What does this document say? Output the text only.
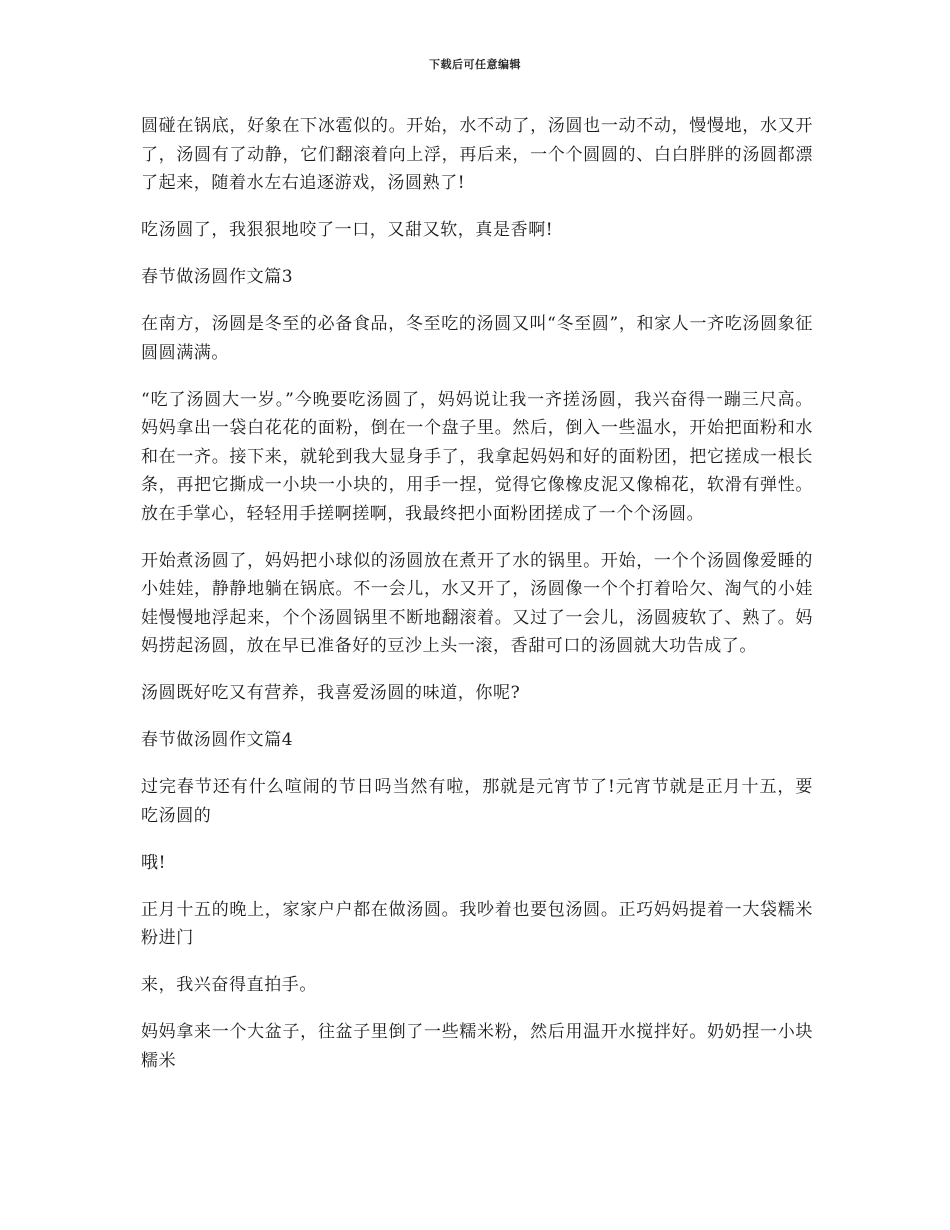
下载后可任意编辑

圆碰在锅底，好象在下冰雹似的。开始，水不动了，汤圆也一动不动，慢慢地，水又开了，汤圆有了动静，它们翻滚着向上浮，再后来，一个个圆圆的、白白胖胖的汤圆都漂了起来，随着水左右追逐游戏，汤圆熟了!

吃汤圆了，我狠狠地咬了一口，又甜又软，真是香啊!

春节做汤圆作文篇3

在南方，汤圆是冬至的必备食品，冬至吃的汤圆又叫“冬至圆”，和家人一齐吃汤圆象征圆圆满满。

“吃了汤圆大一岁。”今晚要吃汤圆了，妈妈说让我一齐搓汤圆，我兴奋得一蹦三尺高。妈妈拿出一袋白花花的面粉，倒在一个盘子里。然后，倒入一些温水，开始把面粉和水和在一齐。接下来，就轮到我大显身手了，我拿起妈妈和好的面粉团，把它搓成一根长条，再把它撕成一小块一小块的，用手一捏，觉得它像橡皮泥又像棉花，软滑有弹性。放在手掌心，轻轻用手搓啊搓啊，我最终把小面粉团搓成了一个个汤圆。

开始煮汤圆了，妈妈把小球似的汤圆放在煮开了水的锅里。开始，一个个汤圆像爱睡的小娃娃，静静地躺在锅底。不一会儿，水又开了，汤圆像一个个打着哈欠、淘气的小娃娃慢慢地浮起来，个个汤圆锅里不断地翻滚着。又过了一会儿，汤圆疲软了、熟了。妈妈捞起汤圆，放在早已准备好的豆沙上头一滚，香甜可口的汤圆就大功告成了。

汤圆既好吃又有营养，我喜爱汤圆的味道，你呢?

春节做汤圆作文篇4

过完春节还有什么喧闹的节日吗当然有啦，那就是元宵节了!元宵节就是正月十五，要吃汤圆的

哦!

正月十五的晚上，家家户户都在做汤圆。我吵着也要包汤圆。正巧妈妈提着一大袋糯米粉进门

来，我兴奋得直拍手。

妈妈拿来一个大盆子，往盆子里倒了一些糯米粉，然后用温开水搅拌好。奶奶捏一小块糯米
